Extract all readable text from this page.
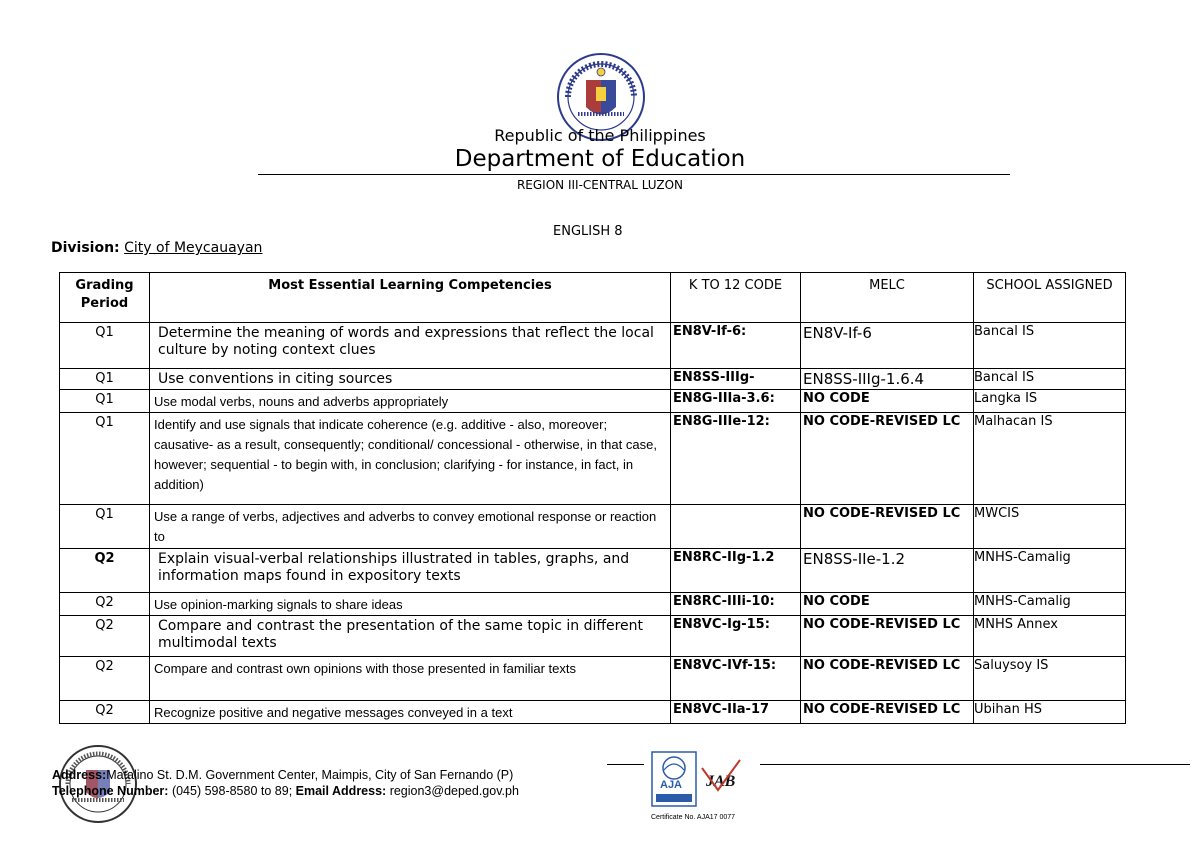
Republic of the Philippines
Department of Education
REGION III-CENTRAL LUZON
ENGLISH 8
Division: City of Meycauayan
Grading Period	Most Essential Learning Competencies	K TO 12 CODE	MELC	SCHOOL ASSIGNED
Q1	Determine the meaning of words and expressions that reflect the local culture by noting context clues	EN8V-If-6:	EN8V-If-6	Bancal IS
Q1	Use conventions in citing sources	EN8SS-IIIg-	EN8SS-IIIg-1.6.4	Bancal IS
Q1	Use modal verbs, nouns and adverbs appropriately	EN8G-IIIa-3.6:	NO CODE	Langka IS
Q1	Identify and use signals that indicate coherence (e.g. additive - also, moreover; causative- as a result, consequently; conditional/ concessional - otherwise, in that case, however; sequential - to begin with, in conclusion; clarifying - for instance, in fact, in addition)	EN8G-IIIe-12:	NO CODE-REVISED LC	Malhacan IS
Q1	Use a range of verbs, adjectives and adverbs to convey emotional response or reaction to		NO CODE-REVISED LC	MWCIS
Q2	Explain visual-verbal relationships illustrated in tables, graphs, and information maps found in expository texts	EN8RC-IIg-1.2	EN8SS-IIe-1.2	MNHS-Camalig
Q2	Use opinion-marking signals to share ideas	EN8RC-IIIi-10:	NO CODE	MNHS-Camalig
Q2	Compare and contrast the presentation of the same topic in different multimodal texts	EN8VC-Ig-15:	NO CODE-REVISED LC	MNHS Annex
Q2	Compare and contrast own opinions with those presented in familiar texts	EN8VC-IVf-15:	NO CODE-REVISED LC	Saluysoy IS
Q2	Recognize positive and negative messages conveyed in a text	EN8VC-IIa-17	NO CODE-REVISED LC	Ubihan HS
Address:Matalino St. D.M. Government Center, Maimpis, City of San Fernando (P)
Telephone Number: (045) 598-8580 to 89; Email Address: region3@deped.gov.ph	AJA JAB
Certificate No. AJA17 0077
